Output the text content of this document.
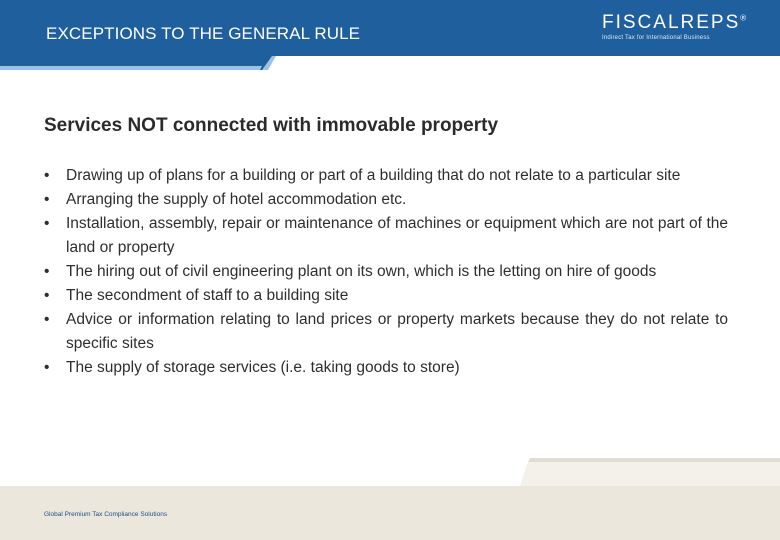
EXCEPTIONS TO THE GENERAL RULE
FISCALREPS®
Indirect Tax for International Business
Services NOT connected with immovable property
•	Drawing up of plans for a building or part of a building that do not relate to a particular site
•	Arranging the supply of hotel accommodation etc.
•	Installation, assembly, repair or maintenance of machines or equipment which are not part of the land or property
•	The hiring out of civil engineering plant on its own, which is the letting on hire of goods
•	The secondment of staff to a building site
•	Advice or information relating to land prices or property markets because they do not relate to specific sites
•	The supply of storage services (i.e. taking goods to store)
Global Premium Tax Compliance Solutions
